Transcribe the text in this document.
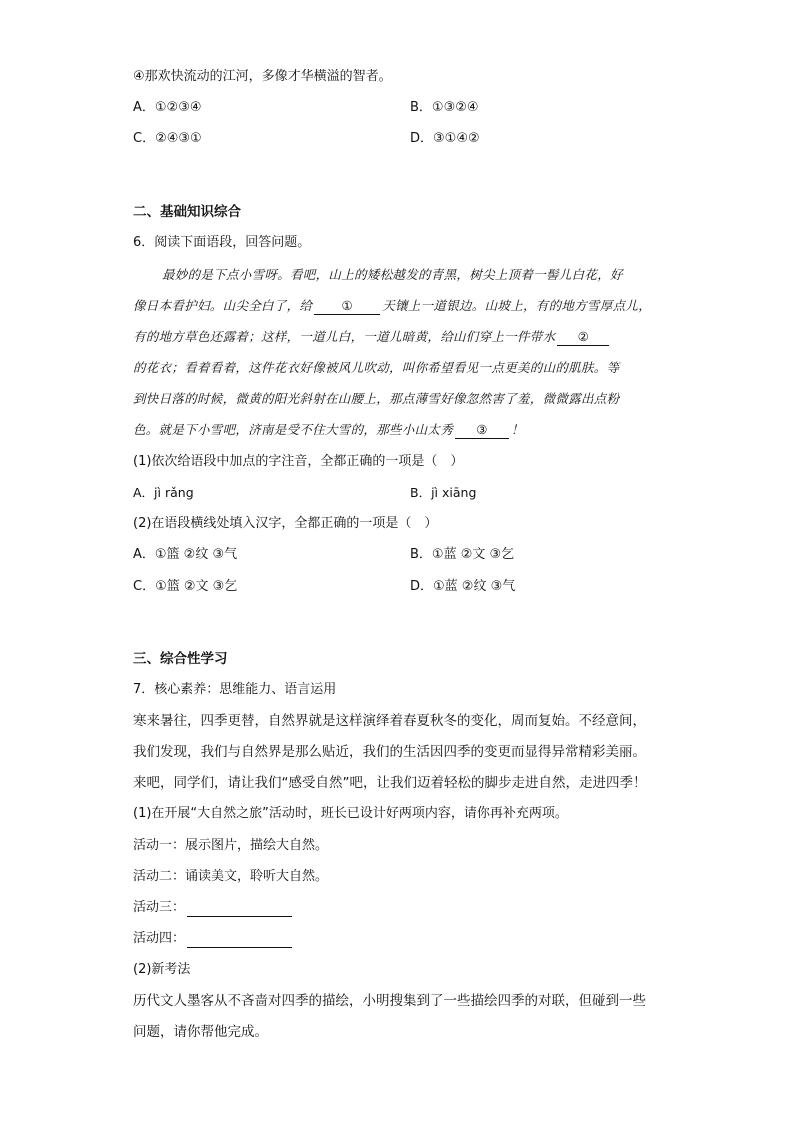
④那欢快流动的江河，多像才华横溢的智者。
A．①②③④	B．①③②④
C．②④③①	D．③①④②
二、基础知识综合
6．阅读下面语段，回答问题。
最妙的是下点小雪呀。看吧，山上的矮松越发的青黑，树尖上顶着一髻儿白花，好
像日本看护妇。山尖全白了，给 ① 天镶上一道银边。山坡上，有的地方雪厚点儿，
有的地方草色还露着；这样，一道儿白，一道儿暗黄，给山们穿上一件带水 ②
的花衣；看着看着，这件花衣好像被风儿吹动，叫你希望看见一点更美的山的肌肤。等
到快日落的时候，微黄的阳光斜射在山腰上，那点薄雪好像忽然害了羞，微微露出点粉
色。就是下小雪吧，济南是受不住大雪的，那些小山太秀 ③ ！
(1)依次给语段中加点的字注音，全都正确的一项是（　）
A．jì rǎng	B．jì xiāng
(2)在语段横线处填入汉字，全都正确的一项是（　）
A．①篮 ②纹 ③气	B．①蓝 ②文 ③乞
C．①篮 ②文 ③乞	D．①蓝 ②纹 ③气
三、综合性学习
7．核心素养：思维能力、语言运用
寒来暑往，四季更替，自然界就是这样演绎着春夏秋冬的变化，周而复始。不经意间，
我们发现，我们与自然界是那么贴近，我们的生活因四季的变更而显得异常精彩美丽。
来吧，同学们，请让我们“感受自然”吧，让我们迈着轻松的脚步走进自然，走进四季！
(1)在开展“大自然之旅”活动时，班长已设计好两项内容，请你再补充两项。
活动一：展示图片，描绘大自然。
活动二：诵读美文，聆听大自然。
活动三：
活动四：
(2)新考法
历代文人墨客从不吝啬对四季的描绘，小明搜集到了一些描绘四季的对联，但碰到一些
问题，请你帮他完成。
